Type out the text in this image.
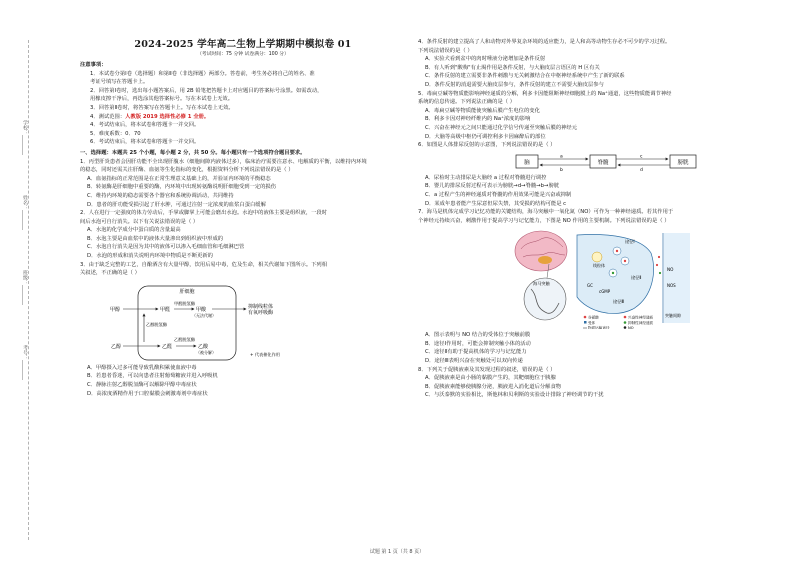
学校：________
姓名：________
班级：________
考号：________
2024-2025 学年高二生物上学期期中模拟卷 01
（考试时间：75 分钟 试卷满分：100 分）
注意事项：
1．本试卷分第Ⅰ卷（选择题）和第Ⅱ卷（非选择题）两部分。答卷前，考生务必将自己的姓名、准
考证号填写在答题卡上。
2．回答第Ⅰ卷时，选出每小题答案后，用 2B 铅笔把答题卡上对应题目的答案标号涂黑。如需改动，
用橡皮擦干净后，再选涂其他答案标号。写在本试卷上无效。
3．回答第Ⅱ卷时，将答案写在答题卡上。写在本试卷上无效。
4．测试范围：人教版 2019 选择性必修 1 全册。
4．考试结束后，将本试卷和答题卡一并交回。
5．难度系数：0．70
6．考试结束后，将本试卷和答题卡一并交回。
一、选择题：本题共 25 个小题，每小题 2 分，共 50 分。每小题只有一个选项符合题目要求。
1．丙型肝炎患者会因肝功能不全出现肝腹水（细胞间隙内液体过多），临床治疗需要注意水、电解质的平衡，以维持内环境
的稳态，同时还需关注肝酶、血氨等生化指标的变化，根据资料分析下列说法错误的是（ ）
A．血氨指标的正常范围是在正常生理意义基础上的，并验证内环境的平衡稳态
B．转氨酶是肝细胞中重要的酶，内环境中出现转氨酶说明肝细胞受到一定的损伤
C．维持内环境的稳态需要各个器官和系统协调活动，共同维持
D．患者的肝功能受损引起了肝水肿，可通过注射一定浓度的血浆白蛋白缓解
2．人在进行一定强度的体力劳动后，手掌或脚掌上可能会磨出水泡。水泡中的液体主要是组织液，一段时
间后水泡可自行消失。以下有关说法错误的是（ ）
A．水泡的化学成分中蛋白质的含量最高
B．水泡主要是由血浆中的液体大量渗出到组织液中形成的
C．水泡自行消失是因为其中的液体可以渗入毛细血管和毛细淋巴管
D．水泡的形成和消失说明内环境中物质是不断更新的
3．由于缺乏完整的工艺，自酿酒含有大量甲醇，饮用后易中毒，危及生命，相关代谢如下图所示。下列相
关叙述，不正确的是（ ）
肝细胞
甲醇	甲醛
甲醛脱氢酶
甲酸
（无法代谢）
抑制线粒体
有氧呼吸酶
乙醇脱氢酶
乙醇	乙醛
乙醛脱氢酶
乙酸
（被分解）	+ 代表催化作用
A．甲醇摄入过多可能导致乳酸积累使血液中毒
B．若患者昏迷，可以向患者注射葡萄糖液并进入呼吸机
C．静脉注射乙醇脱氢酶可以解除甲醇中毒症状
D．高浓度酒精作用于口腔黏膜会刺激毒剂中毒症状
4．条件反射的建立提高了人和动物对外界复杂环境的适应能力，是人和高等动物生存必不可少的学习过程。
下列说法错误的是（ ）
A．实验犬看到盆中的肉时唾液分泌增加是条件反射
B．有人听到"酸梅"有止渴作用是条件反射，与大脑皮层言语区的 H 区有关
C．条件反射的建立需要非条件刺激与无关刺激结合在中枢神经系统中产生了新的联系
D．条件反射的消退需要大脑皮层参与，条件反射的建立不需要大脑皮层参与
5．毒扁豆碱等物质能影响神经递质的分解，利多卡因能阻断神经细胞膜上的 Na⁺通道，这些物质能调节神经
系统的信息传递。下列说法正确的是（ ）
A．毒扁豆碱等物质能使突触后膜产生电位的变化
B．利多卡因对神经纤维内的 Na⁺浓度的影响
C．兴奋在神经元之间只能通过化学信号传递至突触后膜的神经元
D．大脑等高级中枢仍可调控利多卡因麻醉后的部位
6．如图是人体排尿反射的示意图，下列说法错误的是（ ）
脑
a
b
脊髓
c
d
膀胱
A．尿检时主动排尿是大脑经 a 过程对脊髓进行调控
B．婴儿的排尿反射过程可表示为膀胱→d→脊髓→b→膀胱
C．a 过程产生的神经递质对脊髓的作用效果可能是兴奋或抑制
D．某成年患者能产生尿意但尿失禁，其受损的结构可能是 c
7．海马是机体完成学习记忆功能的关键结构，海马突触中一氧化氮（NO）可作为一种神经递质。若其作用于
个神经元持续兴奋，刺激作用于提高学习与记忆能力，下图是 NO 作用的主要机制。下列说法错误的是（ ）
海马突触
线粒体
GC
cGMP
途径Ⅰ
途径Ⅱ
途径Ⅲ
NO
NOS
突触间隙
谷氨酸
受体
物质运输途径
兴奋性神经递质
抑制性神经递质
NO
A．图示表明与 NO 结合的受体位于突触前膜
B．途径Ⅰ作用时，可能会抑制突触小体的活动
C．途径Ⅱ有助于提高机体的学习与记忆能力
D．途径Ⅲ表明兴奋在突触处可以双向传递
8．下列关于促胰液素及其发现过程的叙述，错误的是（ ）
A．促胰液素是由小肠的黏膜产生的，其靶细胞位于胰腺
B．促胰液素能够使胰腺分泌，胰液进入消化道后分解食物
C．与沃泰默的实验相比，斯他林和贝利斯的实验设计排除了神经调节的干扰
试题 第 1 页（共 8 页）
